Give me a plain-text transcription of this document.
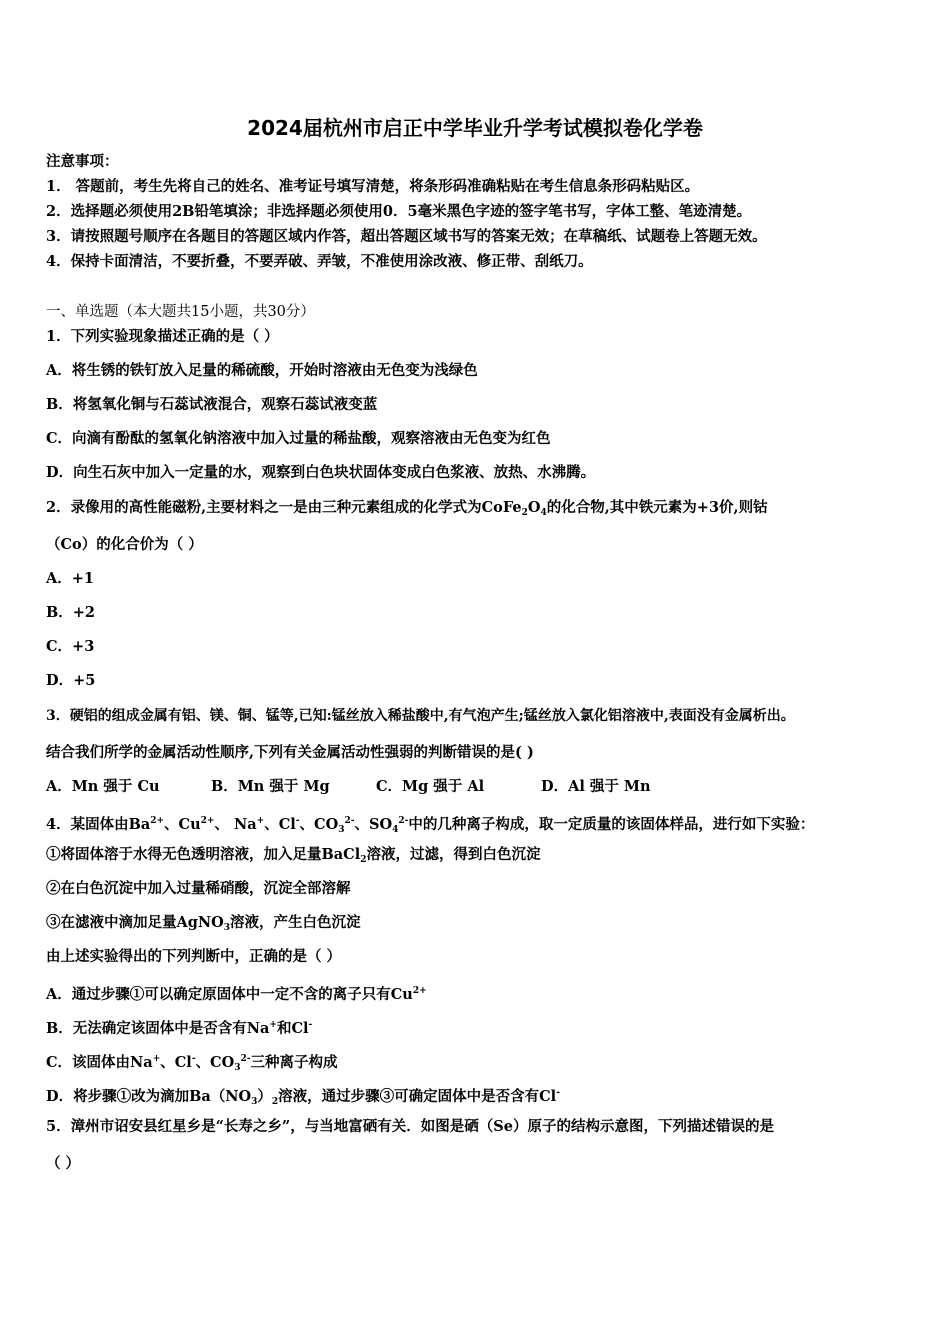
2024届杭州市启正中学毕业升学考试模拟卷化学卷
注意事项：
1． 答题前，考生先将自己的姓名、准考证号填写清楚，将条形码准确粘贴在考生信息条形码粘贴区。
2．选择题必须使用2B铅笔填涂；非选择题必须使用0．5毫米黑色字迹的签字笔书写，字体工整、笔迹清楚。
3．请按照题号顺序在各题目的答题区域内作答，超出答题区域书写的答案无效；在草稿纸、试题卷上答题无效。
4．保持卡面清洁，不要折叠，不要弄破、弄皱，不准使用涂改液、修正带、刮纸刀。
一、单选题（本大题共15小题，共30分）
1．下列实验现象描述正确的是（ ）
A．将生锈的铁钉放入足量的稀硫酸，开始时溶液由无色变为浅绿色
B．将氢氧化铜与石蕊试液混合，观察石蕊试液变蓝
C．向滴有酚酞的氢氧化钠溶液中加入过量的稀盐酸，观察溶液由无色变为红色
D．向生石灰中加入一定量的水，观察到白色块状固体变成白色浆液、放热、水沸腾。
2．录像用的高性能磁粉,主要材料之一是由三种元素组成的化学式为$CoFe_2O_4$的化合物,其中铁元素为+3价,则钴
（Co）的化合价为（ ）
A．+1
B．+2
C．+3
D．+5
3．硬铝的组成金属有铝、镁、铜、锰等,已知:锰丝放入稀盐酸中,有气泡产生;锰丝放入氯化铝溶液中,表面没有金属析出。
结合我们所学的金属活动性顺序,下列有关金属活动性强弱的判断错误的是( )
A．Mn 强于 Cu	B．Mn 强于 Mg	C．Mg 强于 Al	D．Al 强于 Mn
4．某固体由$Ba^{2+}$、$Cu^{2+}$、 Na+、Cl-、$CO_3^{2-}$、$SO_4^{2-}$中的几种离子构成，取一定质量的该固体样品，进行如下实验：
①将固体溶于水得无色透明溶液，加入足量BaCl$_2$溶液，过滤，得到白色沉淀
②在白色沉淀中加入过量稀硝酸，沉淀全部溶解
③在滤液中滴加足量AgNO$_3$溶液，产生白色沉淀
由上述实验得出的下列判断中，正确的是（ ）
A．通过步骤①可以确定原固体中一定不含的离子只有$Cu^{2+}$
B．无法确定该固体中是否含有Na+和Cl-
C．该固体由Na+、Cl-、$CO_3^{2-}$三种离子构成
D．将步骤①改为滴加$Ba(NO_3)_2$溶液，通过步骤③可确定固体中是否含有Cl-
5．漳州市诏安县红星乡是“长寿之乡”，与当地富硒有关．如图是硒（Se）原子的结构示意图，下列描述错误的是
（ ）
